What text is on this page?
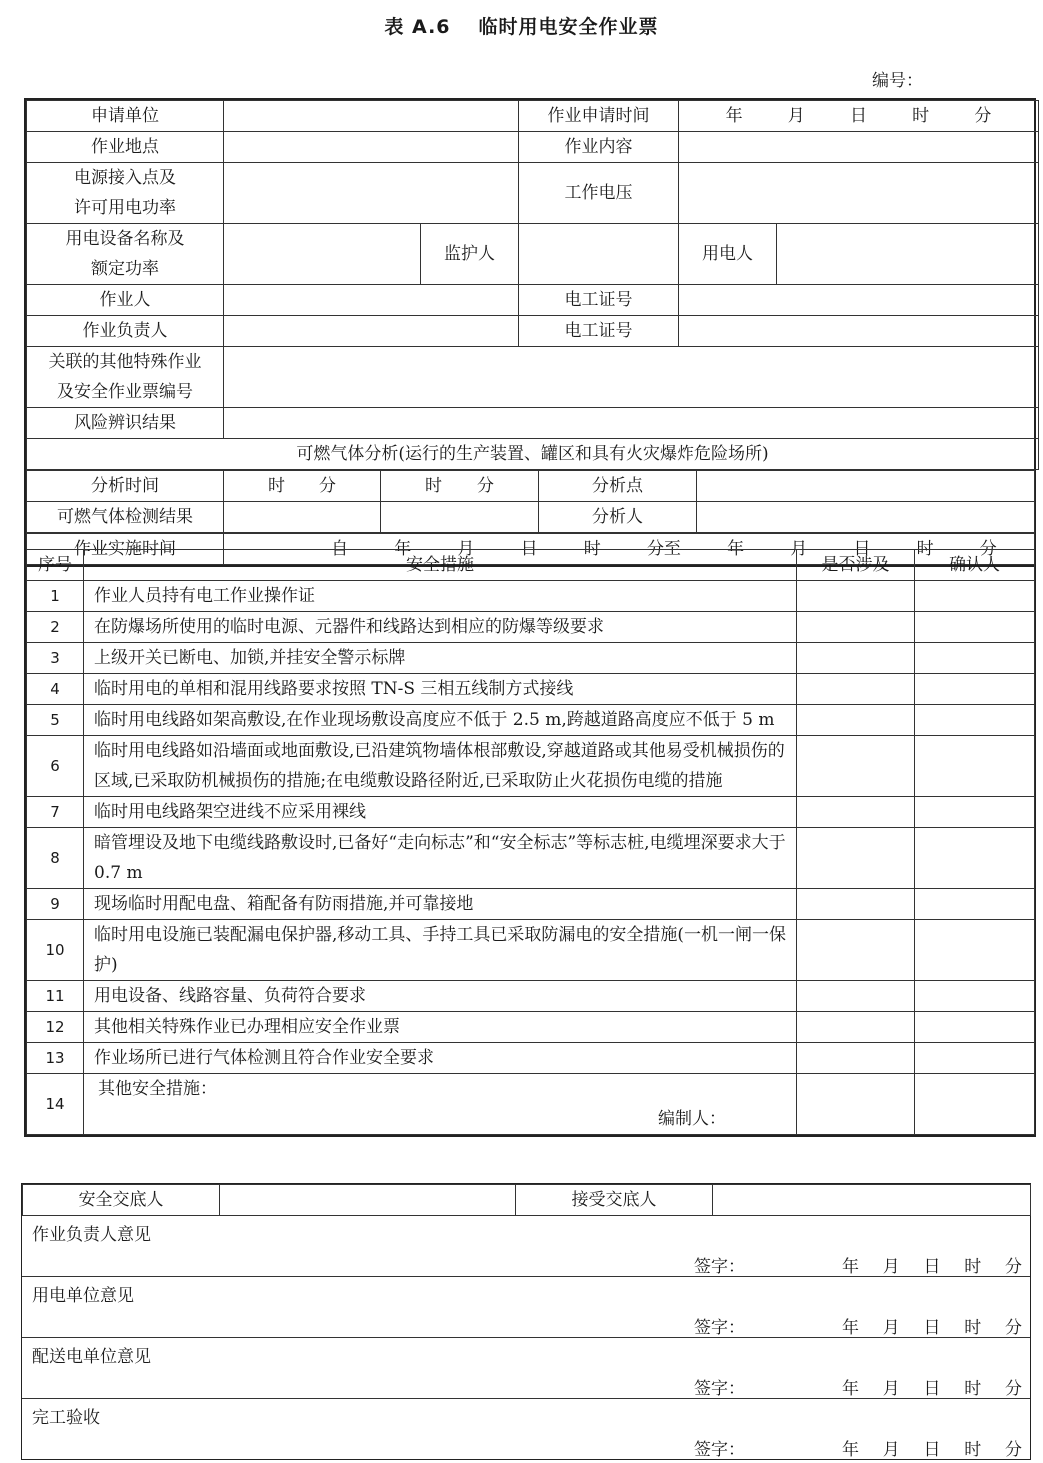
表 A.6 临时用电安全作业票
编号：
申请单位			作业申请时间	年 月 日 时 分	

作业地点			作业内容		

电源接入点及
许可用电功率			工作电压		

用电设备名称及
额定功率		监护人		用电人	
作业人			电工证号		
作业负责人			电工证号		

关联的其他特殊作业
及安全作业票编号					

风险辨识结果					
可燃气体分析(运行的生产装置、罐区和具有火灾爆炸危险场所)					
分析时间	时 分	时 分	分析点	
可燃气体检测结果			分析人	
作业实施时间	自	年	月	日	时	分至	年	月	日	时	分
序号	安全措施	是否涉及	确认人
1	作业人员持有电工作业操作证		
2	在防爆场所使用的临时电源、元器件和线路达到相应的防爆等级要求		
3	上级开关已断电、加锁,并挂安全警示标牌		
4	临时用电的单相和混用线路要求按照 TN-S 三相五线制方式接线		
5	临时用电线路如架高敷设,在作业现场敷设高度应不低于 2.5 m,跨越道路高度应不低于 5 m		
6	临时用电线路如沿墙面或地面敷设,已沿建筑物墙体根部敷设,穿越道路或其他易受机械损伤的区域,已采取防机械损伤的措施;在电缆敷设路径附近,已采取防止火花损伤电缆的措施		
7	临时用电线路架空进线不应采用裸线		
8	暗管埋设及地下电缆线路敷设时,已备好“走向标志”和“安全标志”等标志桩,电缆埋深要求大于 0.7 m		
9	现场临时用配电盘、箱配备有防雨措施,并可靠接地		
10	临时用电设施已装配漏电保护器,移动工具、手持工具已采取防漏电的安全措施(一机一闸一保护)		
11	用电设备、线路容量、负荷符合要求		
12	其他相关特殊作业已办理相应安全作业票		
13	作业场所已进行气体检测且符合作业安全要求		
14	其他安全措施：
编制人：		

安全交底人		接受交底人	
作业负责人意见
签字：	年 月 日 时 分
用电单位意见
签字：	年 月 日 时 分
配送电单位意见
签字：	年 月 日 时 分
完工验收
签字：	年 月 日 时 分
